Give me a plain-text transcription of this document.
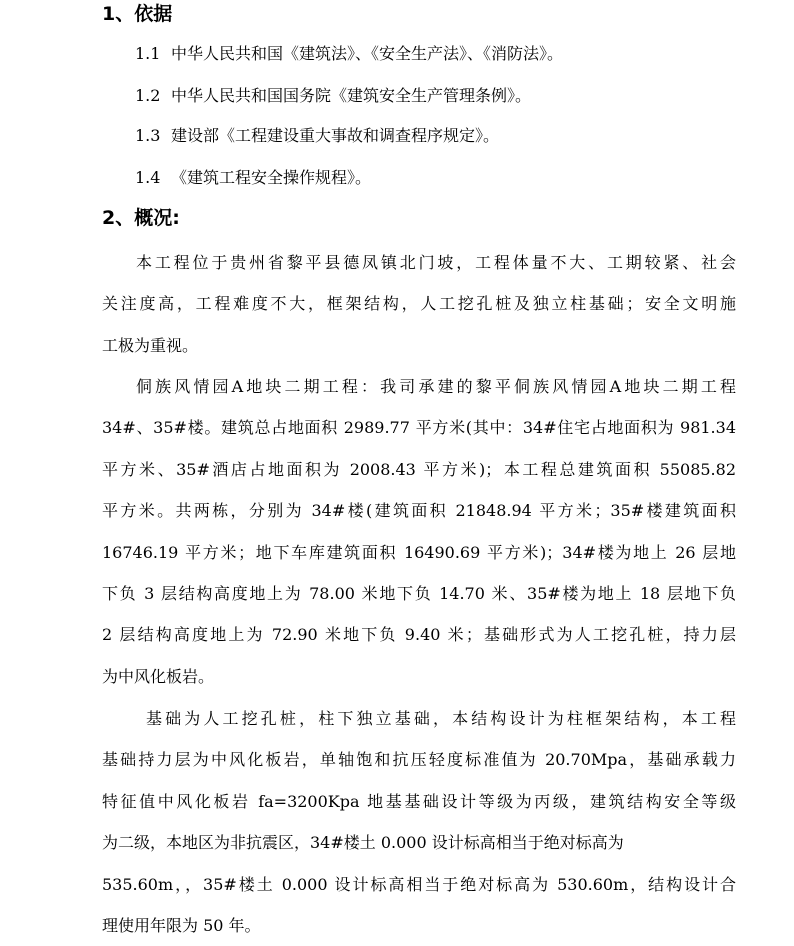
1、依据
1.1 中华人民共和国《建筑法》、《安全生产法》、《消防法》。
1.2 中华人民共和国国务院《建筑安全生产管理条例》。
1.3 建设部《工程建设重大事故和调查程序规定》。
1.4 《建筑工程安全操作规程》。
2、概况:
本工程位于贵州省黎平县德凤镇北门坡，工程体量不大、工期较紧、社会
关注度高，工程难度不大，框架结构，人工挖孔桩及独立柱基础；安全文明施
工极为重视。
侗族风情园A地块二期工程：我司承建的黎平侗族风情园A地块二期工程
34#、35#楼。建筑总占地面积 2989.77 平方米(其中：34#住宅占地面积为 981.34
平方米、35#酒店占地面积为 2008.43 平方米)；本工程总建筑面积 55085.82
平方米。共两栋，分别为 34#楼(建筑面积 21848.94 平方米；35#楼建筑面积
16746.19 平方米；地下车库建筑面积 16490.69 平方米)；34#楼为地上 26 层地
下负 3 层结构高度地上为 78.00 米地下负 14.70 米、35#楼为地上 18 层地下负
2 层结构高度地上为 72.90 米地下负 9.40 米；基础形式为人工挖孔桩，持力层
为中风化板岩。
基础为人工挖孔桩，柱下独立基础，本结构设计为柱框架结构，本工程
基础持力层为中风化板岩，单轴饱和抗压轻度标准值为 20.70Mpa，基础承载力
特征值中风化板岩 fa=3200Kpa 地基基础设计等级为丙级，建筑结构安全等级
为二级，本地区为非抗震区，34#楼土 0.000 设计标高相当于绝对标高为
535.60m，，35#楼土 0.000 设计标高相当于绝对标高为 530.60m，结构设计合
理使用年限为 50 年。
